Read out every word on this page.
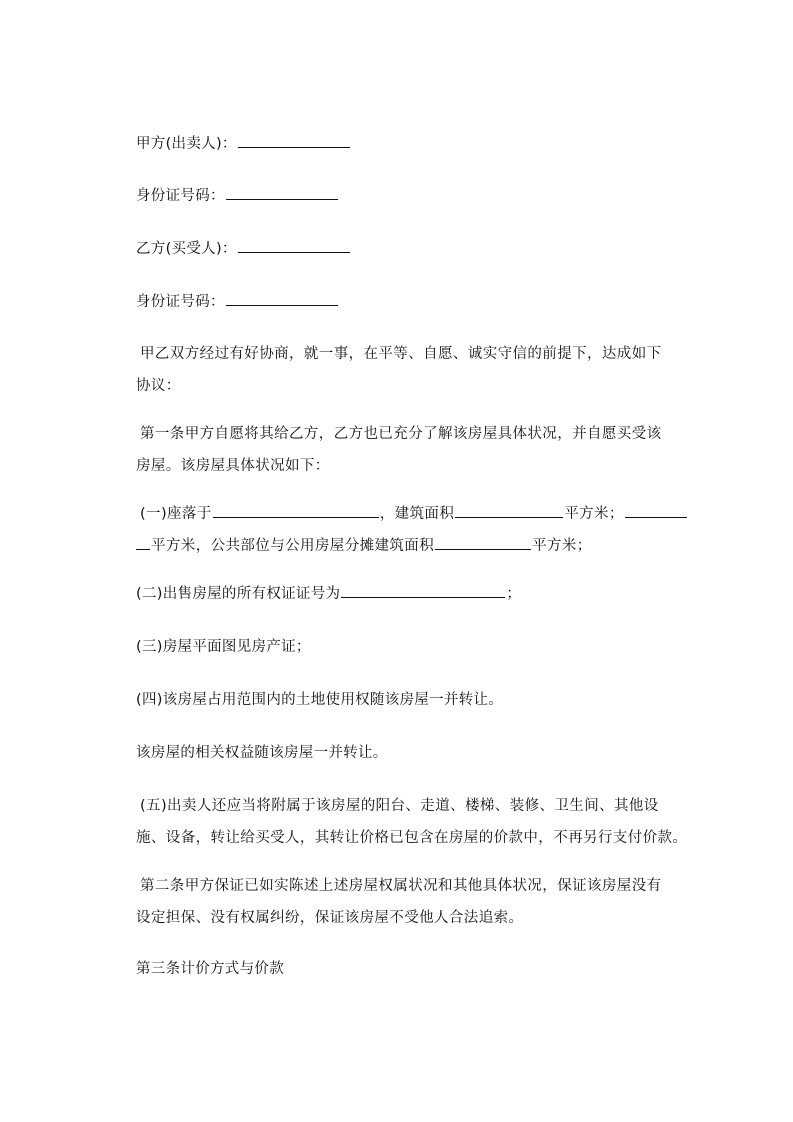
甲方(出卖人)：
身份证号码：
乙方(买受人)：
身份证号码：
甲乙双方经过有好协商，就一事，在平等、自愿、诚实守信的前提下，达成如下
协议：
第一条甲方自愿将其给乙方，乙方也已充分了解该房屋具体状况，并自愿买受该
房屋。该房屋具体状况如下：
(一)座落于	，建筑面积	平方米；
平方米，公共部位与公用房屋分摊建筑面积	平方米；
(二)出售房屋的所有权证证号为	；
(三)房屋平面图见房产证；
(四)该房屋占用范围内的土地使用权随该房屋一并转让。
该房屋的相关权益随该房屋一并转让。
(五)出卖人还应当将附属于该房屋的阳台、走道、楼梯、装修、卫生间、其他设
施、设备，转让给买受人，其转让价格已包含在房屋的价款中，不再另行支付价款。
第二条甲方保证已如实陈述上述房屋权属状况和其他具体状况，保证该房屋没有
设定担保、没有权属纠纷，保证该房屋不受他人合法追索。
第三条计价方式与价款
